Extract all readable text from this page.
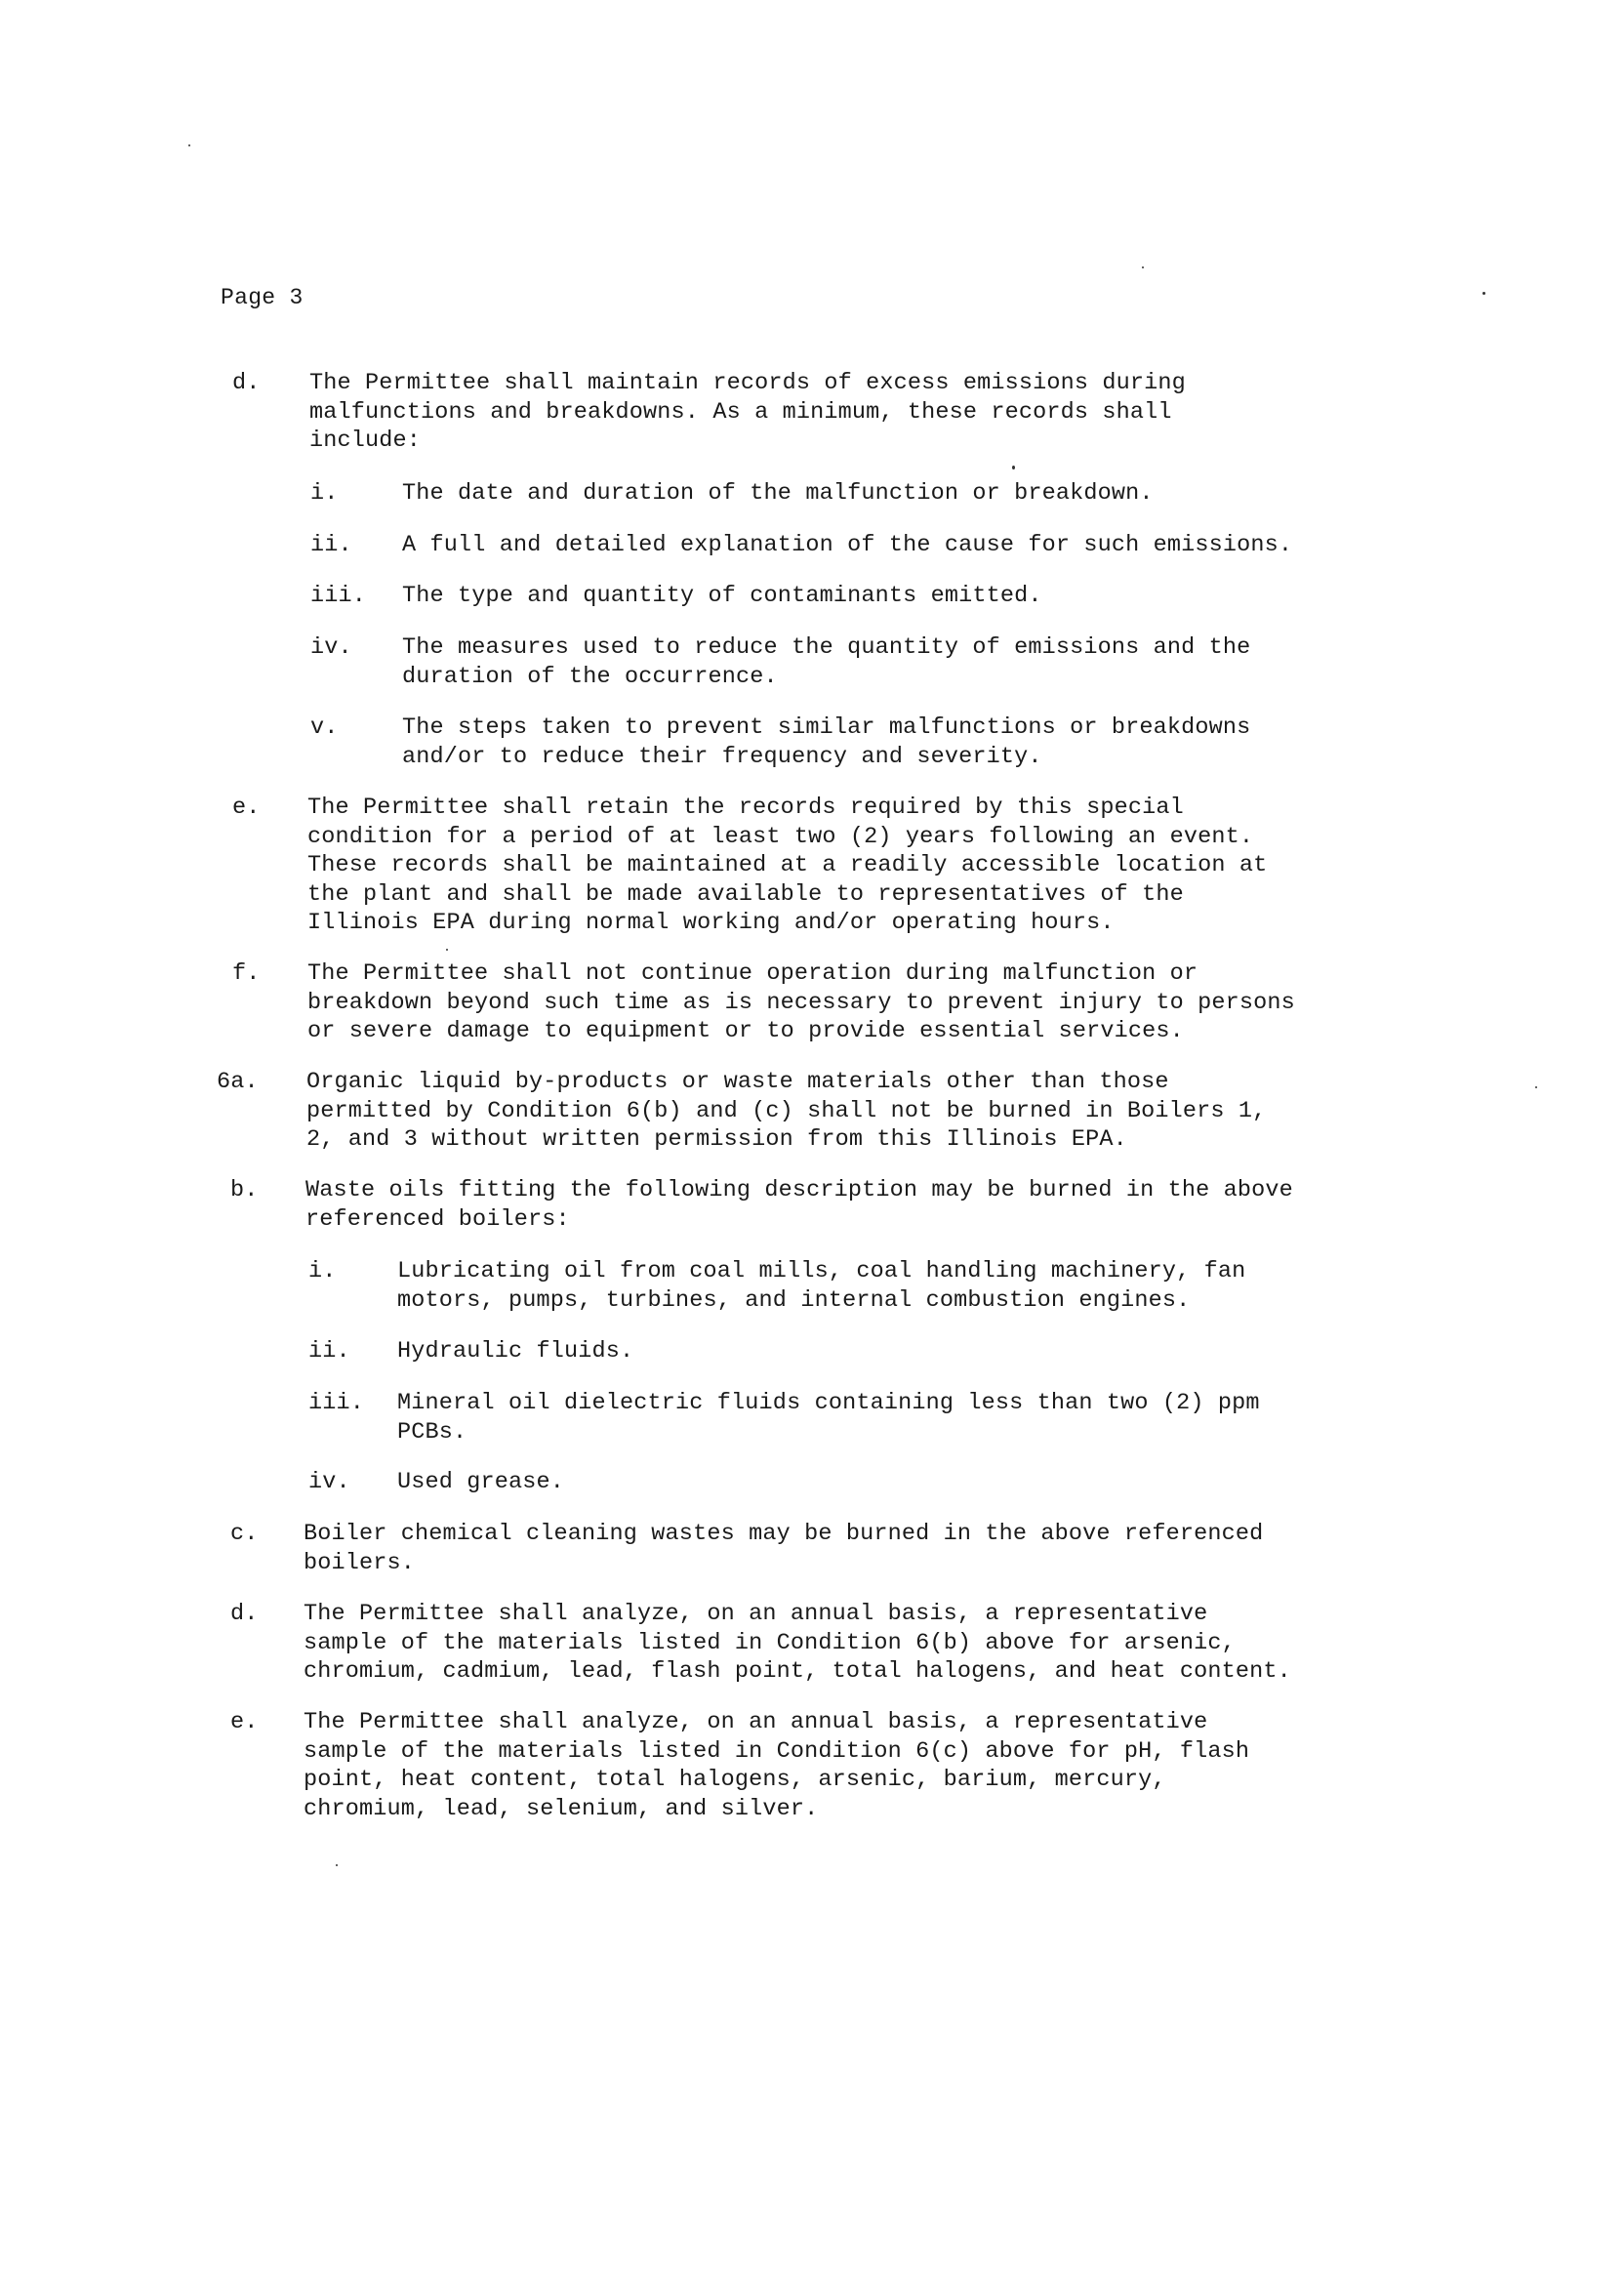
Page 3
d. The Permittee shall maintain records of excess emissions during
malfunctions and breakdowns. As a minimum, these records shall
include:
i.	The date and duration of the malfunction or breakdown.
ii. A full and detailed explanation of the cause for such emissions.
iii. The type and quantity of contaminants emitted.
iv. The measures used to reduce the quantity of emissions and the
duration of the occurrence.
v.	The steps taken to prevent similar malfunctions or breakdowns
and/or to reduce their frequency and severity.
e. The Permittee shall retain the records required by this special
condition for a period of at least two (2) years following an event.
These records shall be maintained at a readily accessible location at
the plant and shall be made available to representatives of the
Illinois EPA during normal working and/or operating hours.
f. The Permittee shall not continue operation during malfunction or
breakdown beyond such time as is necessary to prevent injury to persons
or severe damage to equipment or to provide essential services.
6a. Organic liquid by-products or waste materials other than those
permitted by Condition 6(b) and (c) shall not be burned in Boilers 1,
2, and 3 without written permission from this Illinois EPA.
b. Waste oils fitting the following description may be burned in the above
referenced boilers:
i.	Lubricating oil from coal mills, coal handling machinery, fan
motors, pumps, turbines, and internal combustion engines.
ii. Hydraulic fluids.
iii. Mineral oil dielectric fluids containing less than two (2) ppm
PCBs.
iv. Used grease.
c. Boiler chemical cleaning wastes may be burned in the above referenced
boilers.
d. The Permittee shall analyze, on an annual basis, a representative
sample of the materials listed in Condition 6(b) above for arsenic,
chromium, cadmium, lead, flash point, total halogens, and heat content.
e. The Permittee shall analyze, on an annual basis, a representative
sample of the materials listed in Condition 6(c) above for pH, flash
point, heat content, total halogens, arsenic, barium, mercury,
chromium, lead, selenium, and silver.
